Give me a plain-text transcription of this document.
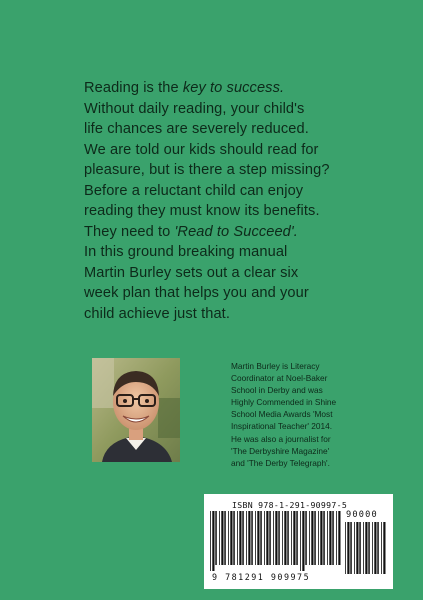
Reading is the key to success.
Without daily reading, your child's
life chances are severely reduced.
We are told our kids should read for
pleasure, but is there a step missing?
Before a reluctant child can enjoy
reading they must know its benefits.
They need to 'Read to Succeed'.
In this ground breaking manual
Martin Burley sets out a clear six
week plan that helps you and your
child achieve just that.
Martin Burley is Literacy
Coordinator at Noel-Baker
School in Derby and was
Highly Commended in Shine
School Media Awards 'Most
Inspirational Teacher' 2014.
He was also a journalist for
'The Derbyshire Magazine'
and 'The Derby Telegraph'.
ISBN 978-1-291-90997-5
90000
9 781291 909975
